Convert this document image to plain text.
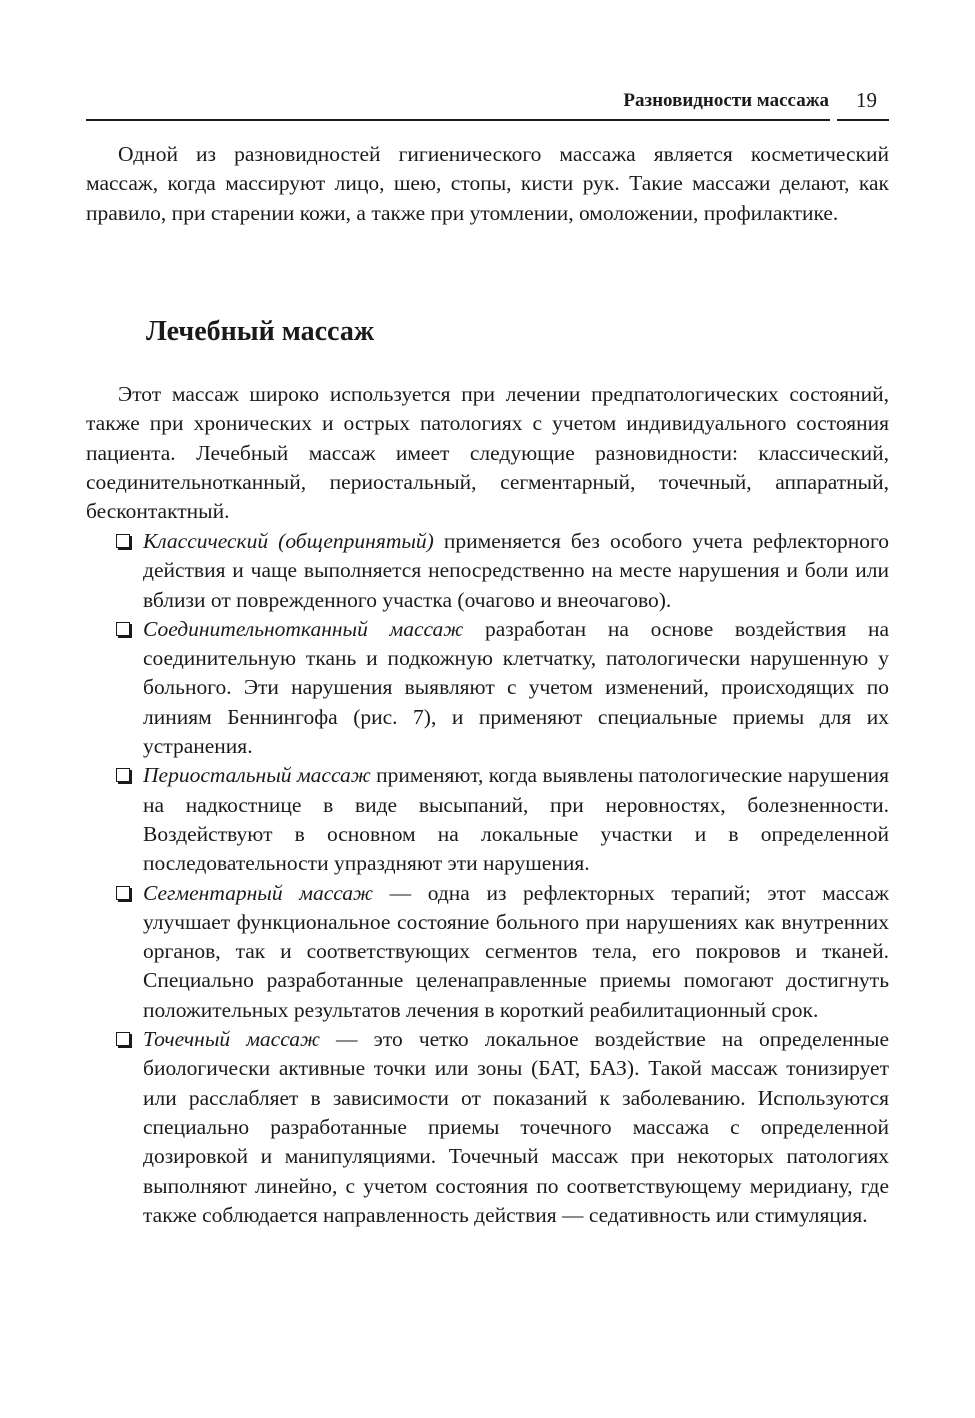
Разновидности массажа 19

Одной из разновидностей гигиенического массажа является косметический массаж, когда массируют лицо, шею, стопы, кисти рук. Такие массажи делают, как правило, при старении кожи, а также при утомлении, омоложении, профилактике.

Лечебный массаж

Этот массаж широко используется при лечении предпатологических состояний, также при хронических и острых патологиях с учетом индивидуального состояния пациента. Лечебный массаж имеет следующие разновидности: классический, соединительнотканный, периостальный, сегментарный, точечный, аппаратный, бесконтактный.

Классический (общепринятый) применяется без особого учета рефлекторного действия и чаще выполняется непосредственно на месте нарушения и боли или вблизи от поврежденного участка (очагово и внеочагово).
Соединительнотканный массаж разработан на основе воздействия на соединительную ткань и подкожную клетчатку, патологически нарушенную у больного. Эти нарушения выявляют с учетом изменений, происходящих по линиям Беннингофа (рис. 7), и применяют специальные приемы для их устранения.
Периостальный массаж применяют, когда выявлены патологические нарушения на надкостнице в виде высыпаний, при неровностях, болезненности. Воздействуют в основном на локальные участки и в определенной последовательности упраздняют эти нарушения.
Сегментарный массаж — одна из рефлекторных терапий; этот массаж улучшает функциональное состояние больного при нарушениях как внутренних органов, так и соответствующих сегментов тела, его покровов и тканей. Специально разработанные целенаправленные приемы помогают достигнуть положительных результатов лечения в короткий реабилитационный срок.
Точечный массаж — это четко локальное воздействие на определенные биологически активные точки или зоны (БАТ, БАЗ). Такой массаж тонизирует или расслабляет в зависимости от показаний к заболеванию. Используются специально разработанные приемы точечного массажа с определенной дозировкой и манипуляциями. Точечный массаж при некоторых патологиях выполняют линейно, с учетом состояния по соответствующему меридиану, где также соблюдается направленность действия — седативность или стимуляция.
